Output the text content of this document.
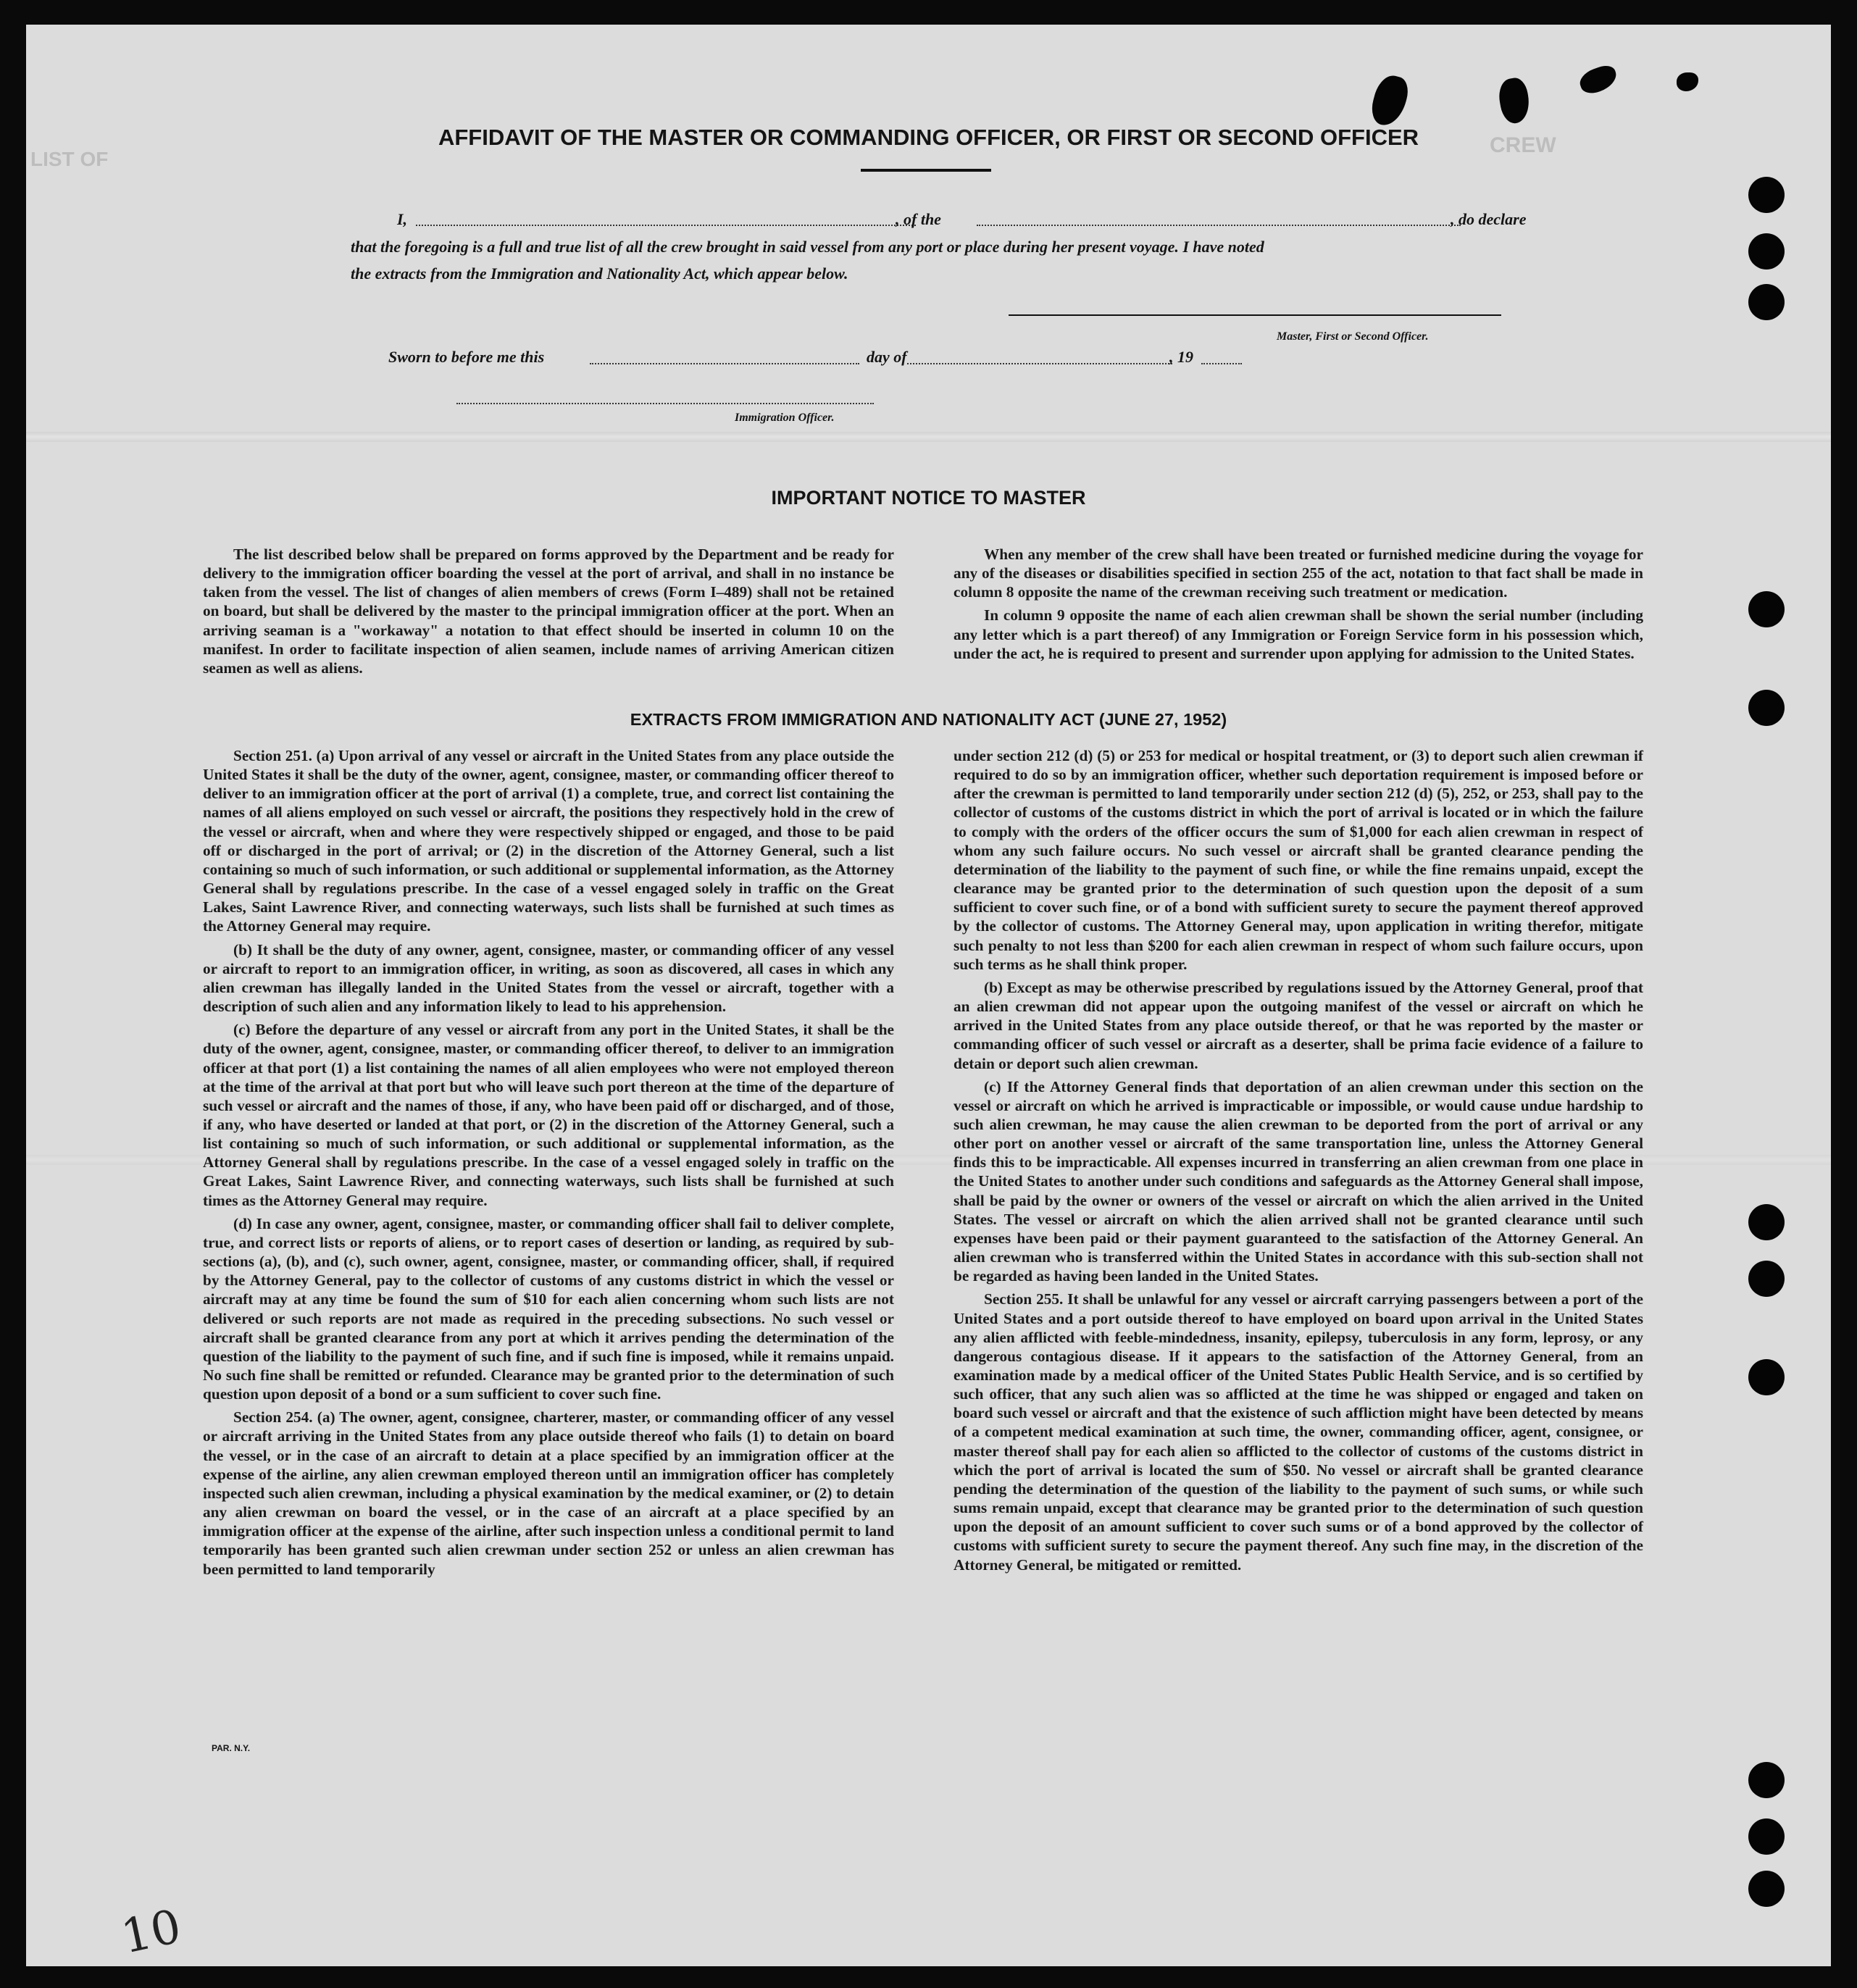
CREW
LIST OF
AFFIDAVIT OF THE MASTER OR COMMANDING OFFICER, OR FIRST OR SECOND OFFICER
I,	, of the	, do declare
that the foregoing is a full and true list of all the crew brought in said vessel from any port or place during her present voyage. I have noted
the extracts from the Immigration and Nationality Act, which appear below.
Master, First or Second Officer.
Sworn to before me this	day of	, 19
Immigration Officer.
IMPORTANT NOTICE TO MASTER

The list described below shall be prepared on forms approved by the Department and be ready for delivery to the immigration officer boarding the vessel at the port of arrival, and shall in no instance be taken from the vessel. The list of changes of alien members of crews (Form I–489) shall not be retained on board, but shall be delivered by the master to the principal immigration officer at the port. When an arriving seaman is a "workaway" a notation to that effect should be inserted in column 10 on the manifest. In order to facilitate inspection of alien seamen, include names of arriving American citizen seamen as well as aliens.

When any member of the crew shall have been treated or furnished medicine during the voyage for any of the diseases or disabilities specified in section 255 of the act, notation to that fact shall be made in column 8 opposite the name of the crewman receiving such treatment or medication.

In column 9 opposite the name of each alien crewman shall be shown the serial number (including any letter which is a part thereof) of any Immigration or Foreign Service form in his possession which, under the act, he is required to present and surrender upon applying for admission to the United States.

EXTRACTS FROM IMMIGRATION AND NATIONALITY ACT (JUNE 27, 1952)

Section 251. (a) Upon arrival of any vessel or aircraft in the United States from any place outside the United States it shall be the duty of the owner, agent, consignee, master, or commanding officer thereof to deliver to an immigration officer at the port of arrival (1) a complete, true, and correct list containing the names of all aliens employed on such vessel or aircraft, the positions they respectively hold in the crew of the vessel or aircraft, when and where they were respectively shipped or engaged, and those to be paid off or discharged in the port of arrival; or (2) in the discretion of the Attorney General, such a list containing so much of such information, or such additional or supplemental information, as the Attorney General shall by regulations prescribe. In the case of a vessel engaged solely in traffic on the Great Lakes, Saint Lawrence River, and connecting waterways, such lists shall be furnished at such times as the Attorney General may require.

(b) It shall be the duty of any owner, agent, consignee, master, or commanding officer of any vessel or aircraft to report to an immigration officer, in writing, as soon as discovered, all cases in which any alien crewman has illegally landed in the United States from the vessel or aircraft, together with a description of such alien and any information likely to lead to his apprehension.

(c) Before the departure of any vessel or aircraft from any port in the United States, it shall be the duty of the owner, agent, consignee, master, or commanding officer thereof, to deliver to an immigration officer at that port (1) a list containing the names of all alien employees who were not employed thereon at the time of the arrival at that port but who will leave such port thereon at the time of the departure of such vessel or aircraft and the names of those, if any, who have been paid off or discharged, and of those, if any, who have deserted or landed at that port, or (2) in the discretion of the Attorney General, such a list containing so much of such information, or such additional or supplemental information, as the Attorney General shall by regulations prescribe. In the case of a vessel engaged solely in traffic on the Great Lakes, Saint Lawrence River, and connecting waterways, such lists shall be furnished at such times as the Attorney General may require.

(d) In case any owner, agent, consignee, master, or commanding officer shall fail to deliver complete, true, and correct lists or reports of aliens, or to report cases of desertion or landing, as required by sub-sections (a), (b), and (c), such owner, agent, consignee, master, or commanding officer, shall, if required by the Attorney General, pay to the collector of customs of any customs district in which the vessel or aircraft may at any time be found the sum of $10 for each alien concerning whom such lists are not delivered or such reports are not made as required in the preceding subsections. No such vessel or aircraft shall be granted clearance from any port at which it arrives pending the determination of the question of the liability to the payment of such fine, and if such fine is imposed, while it remains unpaid. No such fine shall be remitted or refunded. Clearance may be granted prior to the determination of such question upon deposit of a bond or a sum sufficient to cover such fine.

Section 254. (a) The owner, agent, consignee, charterer, master, or commanding officer of any vessel or aircraft arriving in the United States from any place outside thereof who fails (1) to detain on board the vessel, or in the case of an aircraft to detain at a place specified by an immigration officer at the expense of the airline, any alien crewman employed thereon until an immigration officer has completely inspected such alien crewman, including a physical examination by the medical examiner, or (2) to detain any alien crewman on board the vessel, or in the case of an aircraft at a place specified by an immigration officer at the expense of the airline, after such inspection unless a conditional permit to land temporarily has been granted such alien crewman under section 252 or unless an alien crewman has been permitted to land temporarily

under section 212 (d) (5) or 253 for medical or hospital treatment, or (3) to deport such alien crewman if required to do so by an immigration officer, whether such deportation requirement is imposed before or after the crewman is permitted to land temporarily under section 212 (d) (5), 252, or 253, shall pay to the collector of customs of the customs district in which the port of arrival is located or in which the failure to comply with the orders of the officer occurs the sum of $1,000 for each alien crewman in respect of whom any such failure occurs. No such vessel or aircraft shall be granted clearance pending the determination of the liability to the payment of such fine, or while the fine remains unpaid, except the clearance may be granted prior to the determination of such question upon the deposit of a sum sufficient to cover such fine, or of a bond with sufficient surety to secure the payment thereof approved by the collector of customs. The Attorney General may, upon application in writing therefor, mitigate such penalty to not less than $200 for each alien crewman in respect of whom such failure occurs, upon such terms as he shall think proper.

(b) Except as may be otherwise prescribed by regulations issued by the Attorney General, proof that an alien crewman did not appear upon the outgoing manifest of the vessel or aircraft on which he arrived in the United States from any place outside thereof, or that he was reported by the master or commanding officer of such vessel or aircraft as a deserter, shall be prima facie evidence of a failure to detain or deport such alien crewman.

(c) If the Attorney General finds that deportation of an alien crewman under this section on the vessel or aircraft on which he arrived is impracticable or impossible, or would cause undue hardship to such alien crewman, he may cause the alien crewman to be deported from the port of arrival or any other port on another vessel or aircraft of the same transportation line, unless the Attorney General finds this to be impracticable. All expenses incurred in transferring an alien crewman from one place in the United States to another under such conditions and safeguards as the Attorney General shall impose, shall be paid by the owner or owners of the vessel or aircraft on which the alien arrived in the United States. The vessel or aircraft on which the alien arrived shall not be granted clearance until such expenses have been paid or their payment guaranteed to the satisfaction of the Attorney General. An alien crewman who is transferred within the United States in accordance with this sub-section shall not be regarded as having been landed in the United States.

Section 255. It shall be unlawful for any vessel or aircraft carrying passengers between a port of the United States and a port outside thereof to have employed on board upon arrival in the United States any alien afflicted with feeble-mindedness, insanity, epilepsy, tuberculosis in any form, leprosy, or any dangerous contagious disease. If it appears to the satisfaction of the Attorney General, from an examination made by a medical officer of the United States Public Health Service, and is so certified by such officer, that any such alien was so afflicted at the time he was shipped or engaged and taken on board such vessel or aircraft and that the existence of such affliction might have been detected by means of a competent medical examination at such time, the owner, commanding officer, agent, consignee, or master thereof shall pay for each alien so afflicted to the collector of customs of the customs district in which the port of arrival is located the sum of $50. No vessel or aircraft shall be granted clearance pending the determination of the question of the liability to the payment of such sums, or while such sums remain unpaid, except that clearance may be granted prior to the determination of such question upon the deposit of an amount sufficient to cover such sums or of a bond approved by the collector of customs with sufficient surety to secure the payment thereof. Any such fine may, in the discretion of the Attorney General, be mitigated or remitted.

PAR. N.Y.
10
